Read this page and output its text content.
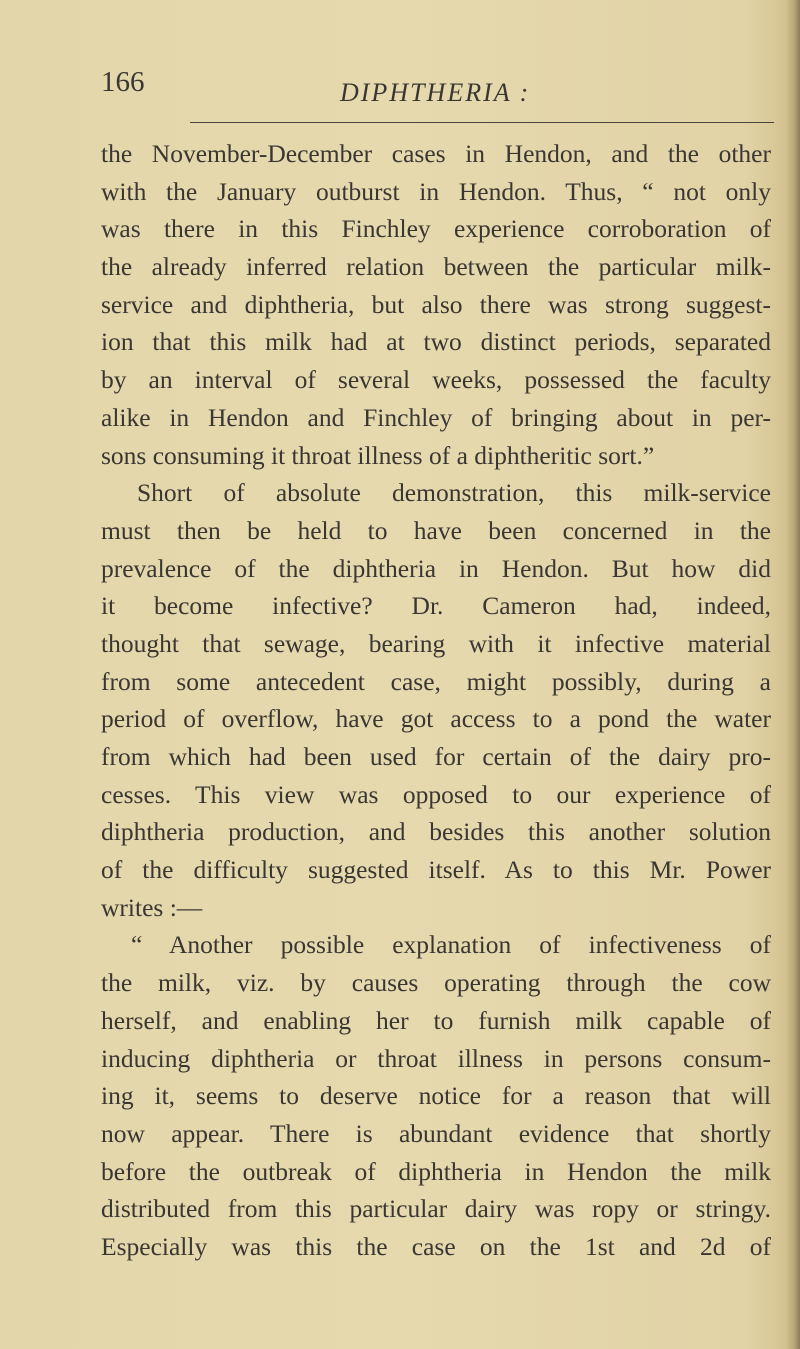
166	DIPHTHERIA :
the November-December cases in Hendon, and the other
with the January outburst in Hendon. Thus, “ not only
was there in this Finchley experience corroboration of
the already inferred relation between the particular milk-
service and diphtheria, but also there was strong suggest-
ion that this milk had at two distinct periods, separated
by an interval of several weeks, possessed the faculty
alike in Hendon and Finchley of bringing about in per-
sons consuming it throat illness of a diphtheritic sort.”
Short of absolute demonstration, this milk-service
must then be held to have been concerned in the
prevalence of the diphtheria in Hendon. But how did
it become infective? Dr. Cameron had, indeed,
thought that sewage, bearing with it infective material
from some antecedent case, might possibly, during a
period of overflow, have got access to a pond the water
from which had been used for certain of the dairy pro-
cesses. This view was opposed to our experience of
diphtheria production, and besides this another solution
of the difficulty suggested itself. As to this Mr. Power
writes :—
“ Another possible explanation of infectiveness of
the milk, viz. by causes operating through the cow
herself, and enabling her to furnish milk capable of
inducing diphtheria or throat illness in persons consum-
ing it, seems to deserve notice for a reason that will
now appear. There is abundant evidence that shortly
before the outbreak of diphtheria in Hendon the milk
distributed from this particular dairy was ropy or stringy.
Especially was this the case on the 1st and 2d of
